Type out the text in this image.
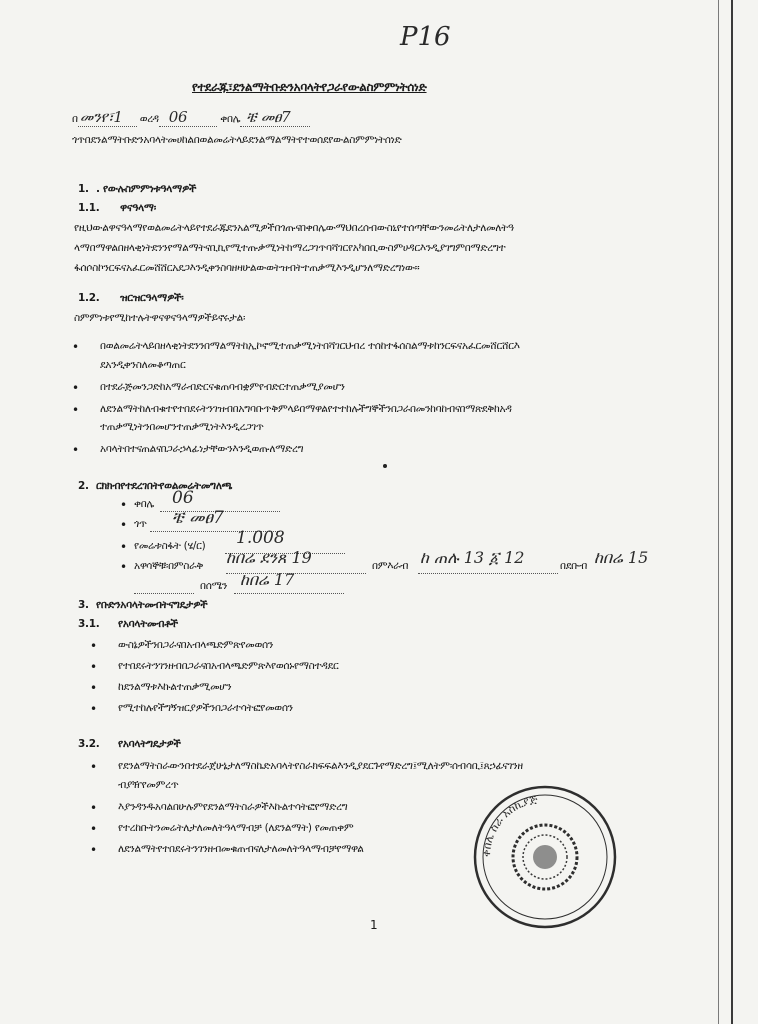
P16
የተደራጁ፣ደንልማትቡድንአባላትየጋራየውልስምምነትሰነድ
በ መንየ፣1 ወረዳ 06	ቀበሌ ቼ መፀ7
ጎጥበደንልማትቡድንአባላትመሀከልበወልመሬትላይደንልማልማትየተወሰደየውልስምምነትሰነድ
1. . የውሉስምምነቱዓላማዎች
1.1. ዋናዓላማ፡
የዚህውልዋናዓላማየወልመሬትላይየተደራጁደንአልሚዎችበጎጡናበቀበሌውማህበረሰብውስኒየተሰጣቸውንመሬትለታለመለትዓ
ላማበማዋልበዘላቂነትደንንየማልማትናቢኪየሚተጡቃሚነትከማረጋገጥባሻገርየአካበቢውስምሀዳርእንዲያገግምበማድረግተ
ፋሰሶስኮንርፍናአፈርመሸሸርአደጋእንዲቀንስባዘዛሁልውወትዝብትተጠቃሚእንዲሆንለማድረግነው።
1.2. ዝርዝርዓላማዎች፡
ስምምነቱየሚከተሉትዋናዋናዓላማዎችይኖሩታል፡
• በወልመሬትላይበዘላቂነትደንንበማልማትከኢኮኖሚተጠቃሚነትበሻገርህብረ ተሰከተፋሰስልማቱከንርፍናአፈርመሸርሸርእ
ደአንዲቀንስለመቆጣጠር
• በተደራጅመንጋድከአማራብድርናቁጠባብቋምየብድርተጠቃሚያመሆን
• ለደንልማትከለብቁተየተበደሩትንገዝብበአግባቡጥቅምላይበማዋልየተተከሉችግኞችንበጋራበመንከባከብናበማጽደቅከአዳ
ተጠቃሚነትንበመሆንተጠቃሚነትእንዲረጋገጥ
• አባላትበተናጠልናበጋራኃላፊነታቸውንእንዲወጡለማድረግ
2. ርክክብየተደረገበትየወልመሬትመግለጫ
• ቀበሌ 06
• ጎጥ ቼ መፀ7
• የመሬቱስፋት (ሄ/ር) 1.008
• አዋሳኞቹ፡በምስራቅ ከበሬ ደንጸ 19	በምእራብ ከ ጠሉ 13 ፩ 12	በደቡብ ከበሬ 15
በሰሜን ከበሬ 17
3. የቡድንአባላትመብትናግዴታዎች
3.1. የአባላትመብቶች
• ውስኔዎችንበጋራናበአብላጫድምጽየመወሰን
• የተበደሩትንገንዘብበጋራናበአብላጫድምጽእየወሰኑየማስተዳደር
• ከደንልማቱእኩልተጠቃሚመሆን
• የሚተከሉየችግኝዝርያዎችንበጋራተሳትፎየመወሰን
3.2. የአባላትግዴታዎች
• የደንልማትስራውንበተደራጀሁኔታለማስኬድአባላትየስራክፍፍልእንዲያደርጉየማድረግ፤ሚለትም፡ሰብሳቢ፤ጸኃፊናገንዘ
ብያዥየመምረጥ
• እያንዳንዱአባልበሁሉምየደንልማትስራዎችእኩልተሳትፎየማድረግ
• የተረከቡትንመሬትለታለመለትዓላማብቻ (ለደንልማት) የመጠቀም
• ለደንልማትየተበደሩትንገንዘብመቁጠብናለታለመለትዓላማብቻየማዋል	ቀበሌ ስራ አስኪያጅ
1
